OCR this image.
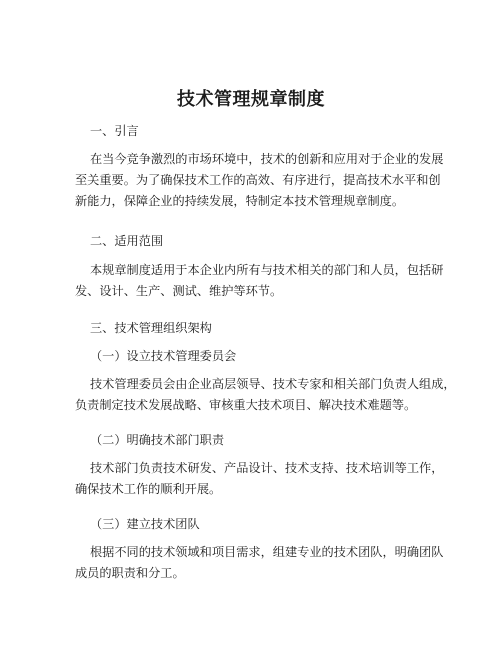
技术管理规章制度
一、引言
在当今竞争激烈的市场环境中，技术的创新和应用对于企业的发展
至关重要。为了确保技术工作的高效、有序进行，提高技术水平和创
新能力，保障企业的持续发展，特制定本技术管理规章制度。
二、适用范围
本规章制度适用于本企业内所有与技术相关的部门和人员，包括研
发、设计、生产、测试、维护等环节。
三、技术管理组织架构
（一）设立技术管理委员会
技术管理委员会由企业高层领导、技术专家和相关部门负责人组成，
负责制定技术发展战略、审核重大技术项目、解决技术难题等。
（二）明确技术部门职责
技术部门负责技术研发、产品设计、技术支持、技术培训等工作，
确保技术工作的顺利开展。
（三）建立技术团队
根据不同的技术领域和项目需求，组建专业的技术团队，明确团队
成员的职责和分工。
